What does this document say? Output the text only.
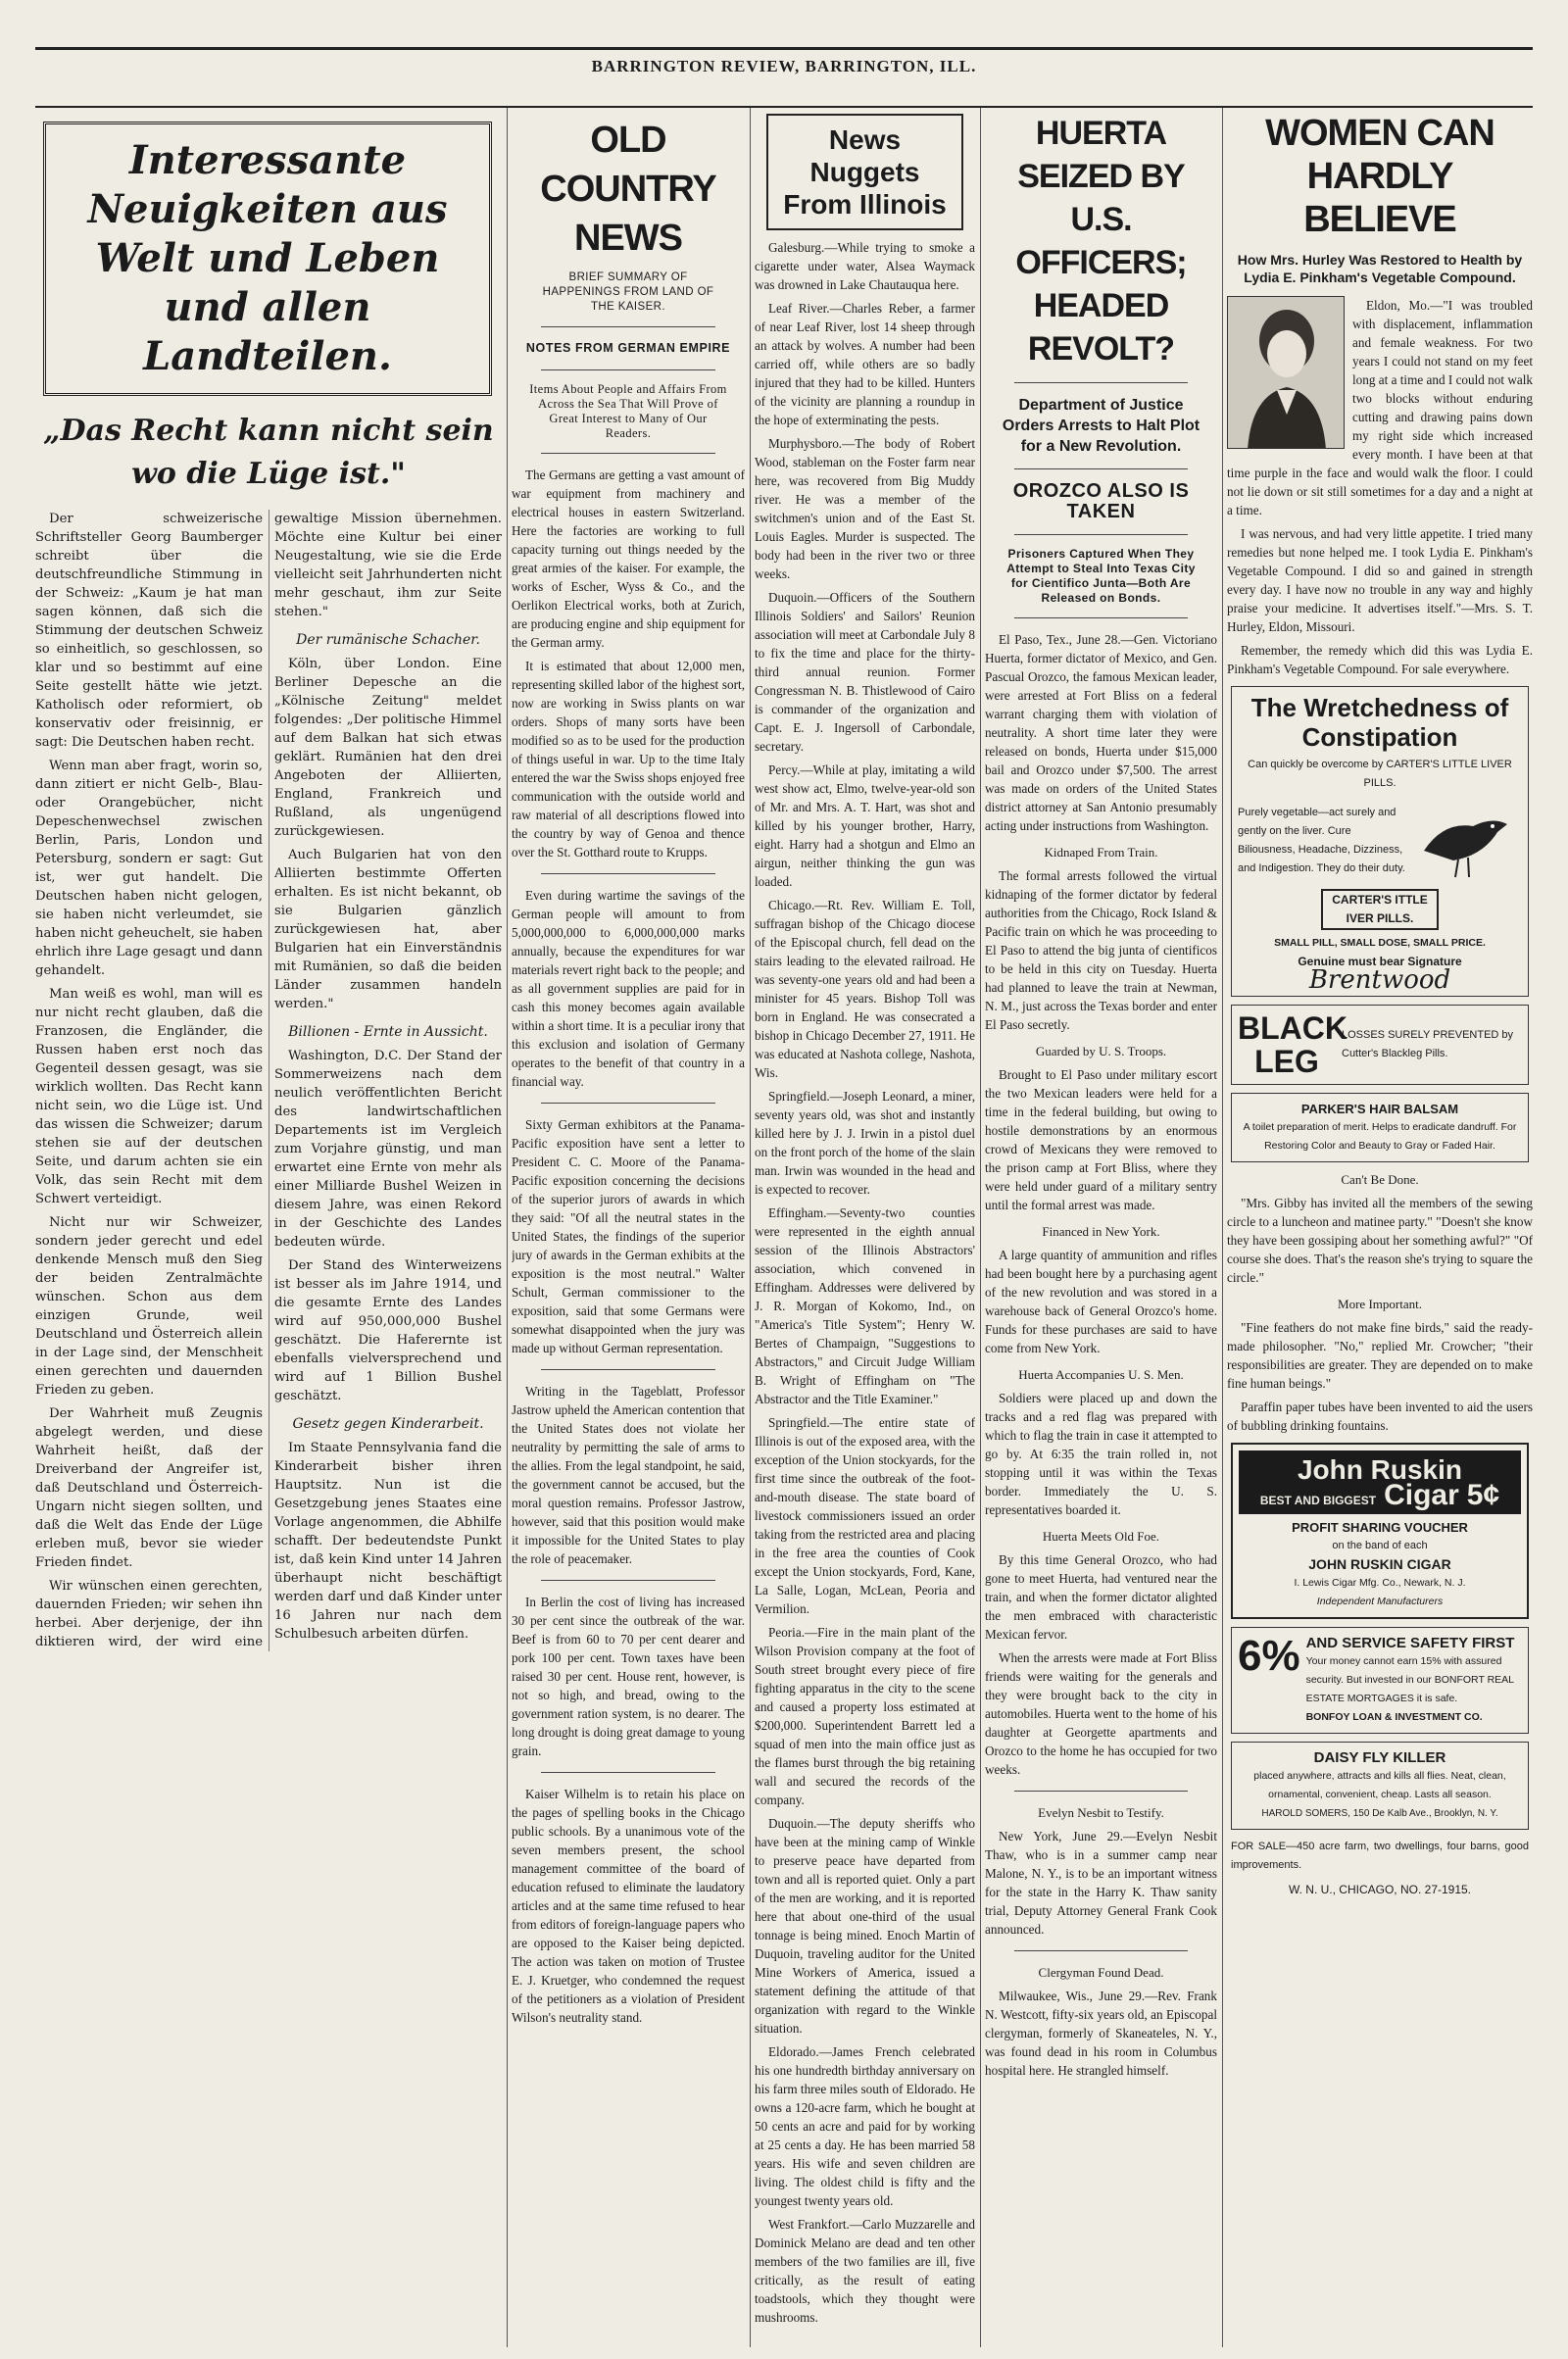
BARRINGTON REVIEW, BARRINGTON, ILL.
Interessante Neuigkeiten aus Welt und Leben und allen Landteilen.
„Das Recht kann nicht sein wo die Lüge ist."

Der schweizerische Schriftsteller Georg Baumberger schreibt über die deutschfreundliche Stimmung in der Schweiz: „Kaum je hat man sagen können, daß sich die Stimmung der deutschen Schweiz so einheitlich, so geschlossen, so klar und so bestimmt auf eine Seite gestellt hätte wie jetzt. Katholisch oder reformiert, ob konservativ oder freisinnig, er sagt: Die Deutschen haben recht.

Wenn man aber fragt, worin so, dann zitiert er nicht Gelb-, Blau- oder Orangebücher, nicht Depeschenwechsel zwischen Berlin, Paris, London und Petersburg, sondern er sagt: Gut ist, wer gut handelt. Die Deutschen haben nicht gelogen, sie haben nicht verleumdet, sie haben nicht geheuchelt, sie haben ehrlich ihre Lage gesagt und dann gehandelt.

Man weiß es wohl, man will es nur nicht recht glauben, daß die Franzosen, die Engländer, die Russen haben erst noch das Gegenteil dessen gesagt, was sie wirklich wollten. Das Recht kann nicht sein, wo die Lüge ist. Und das wissen die Schweizer; darum stehen sie auf der deutschen Seite, und darum achten sie ein Volk, das sein Recht mit dem Schwert verteidigt.

Nicht nur wir Schweizer, sondern jeder gerecht und edel denkende Mensch muß den Sieg der beiden Zentralmächte wünschen. Schon aus dem einzigen Grunde, weil Deutschland und Österreich allein in der Lage sind, der Menschheit einen gerechten und dauernden Frieden zu geben.

Der Wahrheit muß Zeugnis abgelegt werden, und diese Wahrheit heißt, daß der Dreiverband der Angreifer ist, daß Deutschland und Österreich-Ungarn nicht siegen sollten, und daß die Welt das Ende der Lüge erleben muß, bevor sie wieder Frieden findet.

Wir wünschen einen gerechten, dauernden Frieden; wir sehen ihn herbei. Aber derjenige, der ihn diktieren wird, der wird eine gewaltige Mission übernehmen. Möchte eine Kultur bei einer Neugestaltung, wie sie die Erde vielleicht seit Jahrhunderten nicht mehr geschaut, ihm zur Seite stehen."

Der rumänische Schacher.

Köln, über London. Eine Berliner Depesche an die „Kölnische Zeitung" meldet folgendes: „Der politische Himmel auf dem Balkan hat sich etwas geklärt. Rumänien hat den drei Angeboten der Alliierten, England, Frankreich und Rußland, als ungenügend zurückgewiesen.

Auch Bulgarien hat von den Alliierten bestimmte Offerten erhalten. Es ist nicht bekannt, ob sie Bulgarien gänzlich zurückgewiesen hat, aber Bulgarien hat ein Einverständnis mit Rumänien, so daß die beiden Länder zusammen handeln werden."

Billionen - Ernte in Aussicht.

Washington, D.C. Der Stand der Sommerweizens nach dem neulich veröffentlichten Bericht des landwirtschaftlichen Departements ist im Vergleich zum Vorjahre günstig, und man erwartet eine Ernte von mehr als einer Milliarde Bushel Weizen in diesem Jahre, was einen Rekord in der Geschichte des Landes bedeuten würde.

Der Stand des Winterweizens ist besser als im Jahre 1914, und die gesamte Ernte des Landes wird auf 950,000,000 Bushel geschätzt. Die Haferernte ist ebenfalls vielversprechend und wird auf 1 Billion Bushel geschätzt.

Gesetz gegen Kinderarbeit.

Im Staate Pennsylvania fand die Kinderarbeit bisher ihren Hauptsitz. Nun ist die Gesetzgebung jenes Staates eine Vorlage angenommen, die Abhilfe schafft. Der bedeutendste Punkt ist, daß kein Kind unter 14 Jahren überhaupt nicht beschäftigt werden darf und daß Kinder unter 16 Jahren nur nach dem Schulbesuch arbeiten dürfen.

OLD COUNTRY NEWS
BRIEF SUMMARY OF HAPPENINGS FROM LAND OF THE KAISER.
NOTES FROM GERMAN EMPIRE
Items About People and Affairs From Across the Sea That Will Prove of Great Interest to Many of Our Readers.

The Germans are getting a vast amount of war equipment from machinery and electrical houses in eastern Switzerland. Here the factories are working to full capacity turning out things needed by the great armies of the kaiser. For example, the works of Escher, Wyss & Co., and the Oerlikon Electrical works, both at Zurich, are producing engine and ship equipment for the German army.

It is estimated that about 12,000 men, representing skilled labor of the highest sort, now are working in Swiss plants on war orders. Shops of many sorts have been modified so as to be used for the production of things useful in war. Up to the time Italy entered the war the Swiss shops enjoyed free communication with the outside world and raw material of all descriptions flowed into the country by way of Genoa and thence over the St. Gotthard route to Krupps.

Even during wartime the savings of the German people will amount to from 5,000,000,000 to 6,000,000,000 marks annually, because the expenditures for war materials revert right back to the people; and as all government supplies are paid for in cash this money becomes again available within a short time. It is a peculiar irony that this exclusion and isolation of Germany operates to the benefit of that country in a financial way.

Sixty German exhibitors at the Panama-Pacific exposition have sent a letter to President C. C. Moore of the Panama-Pacific exposition concerning the decisions of the superior jurors of awards in which they said: "Of all the neutral states in the United States, the findings of the superior jury of awards in the German exhibits at the exposition is the most neutral." Walter Schult, German commissioner to the exposition, said that some Germans were somewhat disappointed when the jury was made up without German representation.

Writing in the Tageblatt, Professor Jastrow upheld the American contention that the United States does not violate her neutrality by permitting the sale of arms to the allies. From the legal standpoint, he said, the government cannot be accused, but the moral question remains. Professor Jastrow, however, said that this position would make it impossible for the United States to play the role of peacemaker.

In Berlin the cost of living has increased 30 per cent since the outbreak of the war. Beef is from 60 to 70 per cent dearer and pork 100 per cent. Town taxes have been raised 30 per cent. House rent, however, is not so high, and bread, owing to the government ration system, is no dearer. The long drought is doing great damage to young grain.

Kaiser Wilhelm is to retain his place on the pages of spelling books in the Chicago public schools. By a unanimous vote of the seven members present, the school management committee of the board of education refused to eliminate the laudatory articles and at the same time refused to hear from editors of foreign-language papers who are opposed to the Kaiser being depicted. The action was taken on motion of Trustee E. J. Kruetger, who condemned the request of the petitioners as a violation of President Wilson's neutrality stand.

News Nuggets From Illinois

Galesburg.—While trying to smoke a cigarette under water, Alsea Waymack was drowned in Lake Chautauqua here.

Leaf River.—Charles Reber, a farmer of near Leaf River, lost 14 sheep through an attack by wolves. A number had been carried off, while others are so badly injured that they had to be killed. Hunters of the vicinity are planning a roundup in the hope of exterminating the pests.

Murphysboro.—The body of Robert Wood, stableman on the Foster farm near here, was recovered from Big Muddy river. He was a member of the switchmen's union and of the East St. Louis Eagles. Murder is suspected. The body had been in the river two or three weeks.

Duquoin.—Officers of the Southern Illinois Soldiers' and Sailors' Reunion association will meet at Carbondale July 8 to fix the time and place for the thirty-third annual reunion. Former Congressman N. B. Thistlewood of Cairo is commander of the organization and Capt. E. J. Ingersoll of Carbondale, secretary.

Percy.—While at play, imitating a wild west show act, Elmo, twelve-year-old son of Mr. and Mrs. A. T. Hart, was shot and killed by his younger brother, Harry, eight. Harry had a shotgun and Elmo an airgun, neither thinking the gun was loaded.

Chicago.—Rt. Rev. William E. Toll, suffragan bishop of the Chicago diocese of the Episcopal church, fell dead on the stairs leading to the elevated railroad. He was seventy-one years old and had been a minister for 45 years. Bishop Toll was born in England. He was consecrated a bishop in Chicago December 27, 1911. He was educated at Nashota college, Nashota, Wis.

Springfield.—Joseph Leonard, a miner, seventy years old, was shot and instantly killed here by J. J. Irwin in a pistol duel on the front porch of the home of the slain man. Irwin was wounded in the head and is expected to recover.

Effingham.—Seventy-two counties were represented in the eighth annual session of the Illinois Abstractors' association, which convened in Effingham. Addresses were delivered by J. R. Morgan of Kokomo, Ind., on "America's Title System"; Henry W. Bertes of Champaign, "Suggestions to Abstractors," and Circuit Judge William B. Wright of Effingham on "The Abstractor and the Title Examiner."

Springfield.—The entire state of Illinois is out of the exposed area, with the exception of the Union stockyards, for the first time since the outbreak of the foot-and-mouth disease. The state board of livestock commissioners issued an order taking from the restricted area and placing in the free area the counties of Cook except the Union stockyards, Ford, Kane, La Salle, Logan, McLean, Peoria and Vermilion.

Peoria.—Fire in the main plant of the Wilson Provision company at the foot of South street brought every piece of fire fighting apparatus in the city to the scene and caused a property loss estimated at $200,000. Superintendent Barrett led a squad of men into the main office just as the flames burst through the big retaining wall and secured the records of the company.

Duquoin.—The deputy sheriffs who have been at the mining camp of Winkle to preserve peace have departed from town and all is reported quiet. Only a part of the men are working, and it is reported here that about one-third of the usual tonnage is being mined. Enoch Martin of Duquoin, traveling auditor for the United Mine Workers of America, issued a statement defining the attitude of that organization with regard to the Winkle situation.

Eldorado.—James French celebrated his one hundredth birthday anniversary on his farm three miles south of Eldorado. He owns a 120-acre farm, which he bought at 50 cents an acre and paid for by working at 25 cents a day. He has been married 58 years. His wife and seven children are living. The oldest child is fifty and the youngest twenty years old.

West Frankfort.—Carlo Muzzarelle and Dominick Melano are dead and ten other members of the two families are ill, five critically, as the result of eating toadstools, which they thought were mushrooms.

HUERTA SEIZED BY U.S. OFFICERS; HEADED REVOLT?
Department of Justice Orders Arrests to Halt Plot for a New Revolution.
OROZCO ALSO IS TAKEN
Prisoners Captured When They Attempt to Steal Into Texas City for Cientifico Junta—Both Are Released on Bonds.

El Paso, Tex., June 28.—Gen. Victoriano Huerta, former dictator of Mexico, and Gen. Pascual Orozco, the famous Mexican leader, were arrested at Fort Bliss on a federal warrant charging them with violation of neutrality. A short time later they were released on bonds, Huerta under $15,000 bail and Orozco under $7,500. The arrest was made on orders of the United States district attorney at San Antonio presumably acting under instructions from Washington.

Kidnaped From Train.

The formal arrests followed the virtual kidnaping of the former dictator by federal authorities from the Chicago, Rock Island & Pacific train on which he was proceeding to El Paso to attend the big junta of cientificos to be held in this city on Tuesday. Huerta had planned to leave the train at Newman, N. M., just across the Texas border and enter El Paso secretly.

Guarded by U. S. Troops.

Brought to El Paso under military escort the two Mexican leaders were held for a time in the federal building, but owing to hostile demonstrations by an enormous crowd of Mexicans they were removed to the prison camp at Fort Bliss, where they were held under guard of a military sentry until the formal arrest was made.

Financed in New York.

A large quantity of ammunition and rifles had been bought here by a purchasing agent of the new revolution and was stored in a warehouse back of General Orozco's home. Funds for these purchases are said to have come from New York.

Huerta Accompanies U. S. Men.

Soldiers were placed up and down the tracks and a red flag was prepared with which to flag the train in case it attempted to go by. At 6:35 the train rolled in, not stopping until it was within the Texas border. Immediately the U. S. representatives boarded it.

Huerta Meets Old Foe.

By this time General Orozco, who had gone to meet Huerta, had ventured near the train, and when the former dictator alighted the men embraced with characteristic Mexican fervor.

When the arrests were made at Fort Bliss friends were waiting for the generals and they were brought back to the city in automobiles. Huerta went to the home of his daughter at Georgette apartments and Orozco to the home he has occupied for two weeks.

Evelyn Nesbit to Testify.

New York, June 29.—Evelyn Nesbit Thaw, who is in a summer camp near Malone, N. Y., is to be an important witness for the state in the Harry K. Thaw sanity trial, Deputy Attorney General Frank Cook announced.

Clergyman Found Dead.

Milwaukee, Wis., June 29.—Rev. Frank N. Westcott, fifty-six years old, an Episcopal clergyman, formerly of Skaneateles, N. Y., was found dead in his room in Columbus hospital here. He strangled himself.

WOMEN CAN HARDLY BELIEVE
How Mrs. Hurley Was Restored to Health by Lydia E. Pinkham's Vegetable Compound.

Eldon, Mo.—"I was troubled with displacement, inflammation and female weakness. For two years I could not stand on my feet long at a time and I could not walk two blocks without enduring cutting and drawing pains down my right side which increased every month. I have been at that time purple in the face and would walk the floor. I could not lie down or sit still sometimes for a day and a night at a time.

I was nervous, and had very little appetite. I tried many remedies but none helped me. I took Lydia E. Pinkham's Vegetable Compound. I did so and gained in strength every day. I have now no trouble in any way and highly praise your medicine. It advertises itself."—Mrs. S. T. Hurley, Eldon, Missouri.

Remember, the remedy which did this was Lydia E. Pinkham's Vegetable Compound. For sale everywhere.

The Wretchedness of Constipation
Can quickly be overcome by CARTER'S LITTLE LIVER PILLS.
Purely vegetable—act surely and gently on the liver. Cure Biliousness, Headache, Dizziness, and Indigestion. They do their duty.
CARTER'S ITTLE IVER PILLS.
SMALL PILL, SMALL DOSE, SMALL PRICE.
Genuine must bear Signature
Brentwood
BLACK LEG
LOSSES SURELY PREVENTED by Cutter's Blackleg Pills.
PARKER'S HAIR BALSAM
A toilet preparation of merit. Helps to eradicate dandruff. For Restoring Color and Beauty to Gray or Faded Hair.

Can't Be Done.

"Mrs. Gibby has invited all the members of the sewing circle to a luncheon and matinee party." "Doesn't she know they have been gossiping about her something awful?" "Of course she does. That's the reason she's trying to square the circle."

More Important.

"Fine feathers do not make fine birds," said the ready-made philosopher. "No," replied Mr. Crowcher; "their responsibilities are greater. They are depended on to make fine human beings."

Paraffin paper tubes have been invented to aid the users of bubbling drinking fountains.

John Ruskin
BEST AND BIGGEST Cigar 5¢
PROFIT SHARING VOUCHER
on the band of each
JOHN RUSKIN CIGAR
I. Lewis Cigar Mfg. Co., Newark, N. J.
Independent Manufacturers
6% AND SERVICE SAFETY FIRST
Your money cannot earn 15% with assured security. But invested in our BONFORT REAL ESTATE MORTGAGES it is safe.
BONFOY LOAN & INVESTMENT CO.
DAISY FLY KILLER
placed anywhere, attracts and kills all flies. Neat, clean, ornamental, convenient, cheap. Lasts all season.
HAROLD SOMERS, 150 De Kalb Ave., Brooklyn, N. Y.
FOR SALE—450 acre farm, two dwellings, four barns, good improvements.
W. N. U., CHICAGO, NO. 27-1915.
